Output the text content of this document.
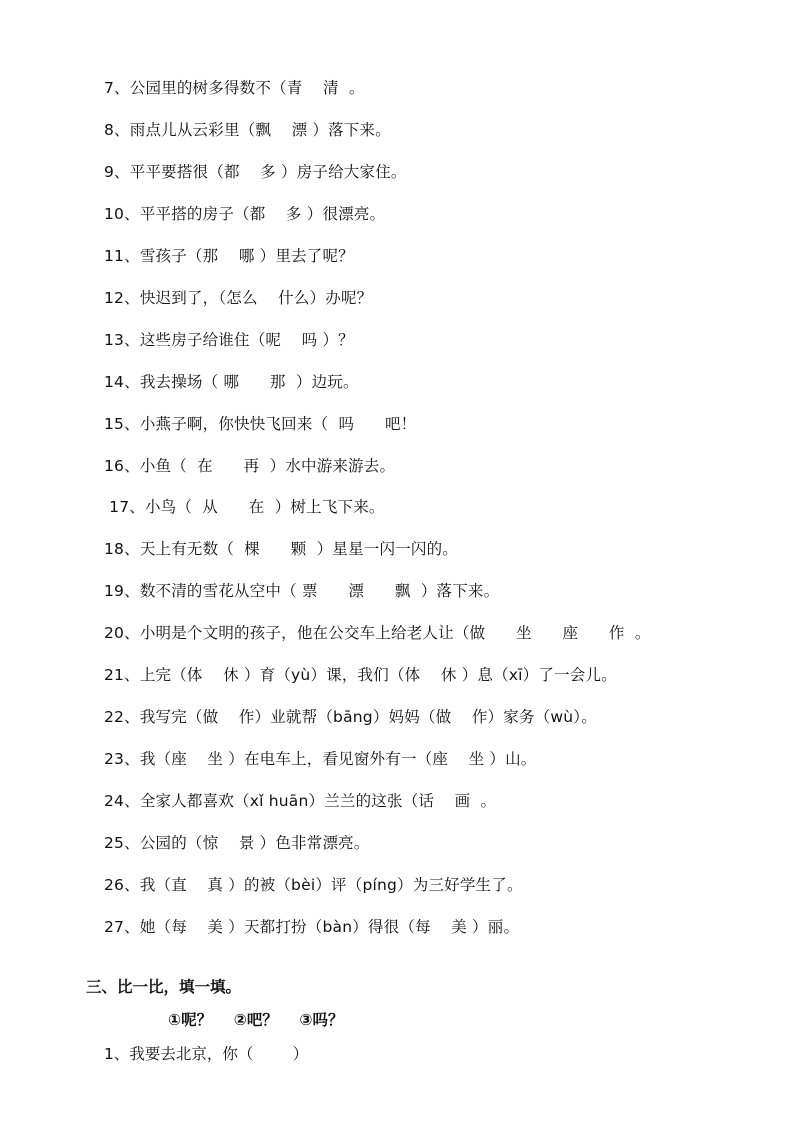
7、公园里的树多得数不（青    清  。
8、雨点儿从云彩里（飘    漂 ）落下来。
9、平平要搭很（都    多 ）房子给大家住。
10、平平搭的房子（都    多 ）很漂亮。
11、雪孩子（那    哪 ）里去了呢？
12、快迟到了，（怎么    什么）办呢？
13、这些房子给谁住（呢    吗 ）？
14、我去操场（ 哪      那  ）边玩。
15、小燕子啊，你快快飞回来（  吗      吧！
16、小鱼（  在      再  ）水中游来游去。
17、小鸟（  从      在  ）树上飞下来。
18、天上有无数（  棵      颗  ）星星一闪一闪的。
19、数不清的雪花从空中（ 票      漂      飘  ）落下来。
20、小明是个文明的孩子，他在公交车上给老人让（做      坐      座      作  。
21、上完（体    休 ）育（yù）课，我们（体    休 ）息（xī）了一会儿。
22、我写完（做    作）业就帮（bāng）妈妈（做    作）家务（wù）。
23、我（座    坐 ）在电车上，看见窗外有一（座    坐 ）山。
24、全家人都喜欢（xǐ huān）兰兰的这张（话    画  。
25、公园的（惊    景 ）色非常漂亮。
26、我（直    真 ）的被（bèi）评（píng）为三好学生了。
27、她（每    美 ）天都打扮（bàn）得很（每    美 ）丽。
三、比一比，填一填。
①呢？    ②吧？    ③吗？
1、我要去北京，你（        ）
